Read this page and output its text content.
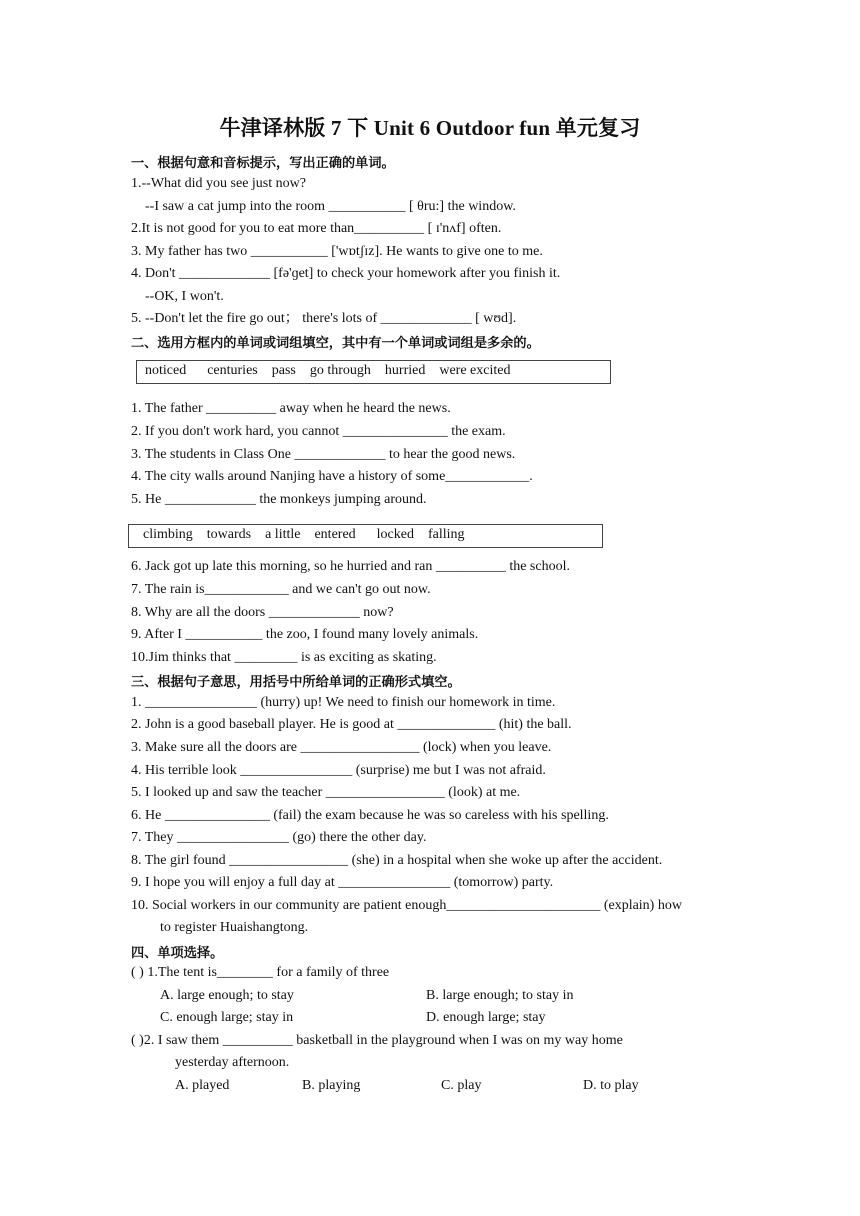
牛津译林版 7 下 Unit 6 Outdoor fun 单元复习
一、根据句意和音标提示，写出正确的单词。
1.--What did you see just now?
--I saw a cat jump into the room ___________ [ θru:] the window.
2.It is not good for you to eat more than__________ [ ɪ'nʌf] often.
3. My father has two ___________ ['wɒtʃɪz]. He wants to give one to me.
4. Don't _____________ [fə'ɡet] to check your homework after you finish it.
--OK, I won't.
5. --Don't let the fire go out； there's lots of _____________ [ wʊd].
二、选用方框内的单词或词组填空，其中有一个单词或词组是多余的。
noticed      centuries    pass    go through    hurried    were excited
1. The father __________ away when he heard the news.
2. If you don't work hard, you cannot _______________ the exam.
3. The students in Class One _____________ to hear the good news.
4. The city walls around Nanjing have a history of some____________.
5. He _____________ the monkeys jumping around.
climbing    towards    a little    entered      locked    falling
6. Jack got up late this morning, so he hurried and ran __________ the school.
7. The rain is____________ and we can't go out now.
8. Why are all the doors _____________ now?
9. After I ___________ the zoo, I found many lovely animals.
10.Jim thinks that _________ is as exciting as skating.
三、根据句子意思，用括号中所给单词的正确形式填空。
1. ________________ (hurry) up! We need to finish our homework in time.
2. John is a good baseball player. He is good at ______________ (hit) the ball.
3. Make sure all the doors are _________________ (lock) when you leave.
4. His terrible look ________________ (surprise) me but I was not afraid.
5. I looked up and saw the teacher _________________ (look) at me.
6. He _______________ (fail) the exam because he was so careless with his spelling.
7. They ________________ (go) there the other day.
8. The girl found _________________ (she) in a hospital when she woke up after the accident.
9. I hope you will enjoy a full day at ________________ (tomorrow) party.
10. Social workers in our community are patient enough______________________ (explain) how
to register Huaishangtong.
四、单项选择。
( ) 1.The tent is________ for a family of three
A. large enough; to stay	B. large enough; to stay in
C. enough large; stay in	D. enough large; stay
( )2. I saw them __________ basketball in the playground when I was on my way home
yesterday afternoon.
A. played	B. playing	C. play	D. to play
